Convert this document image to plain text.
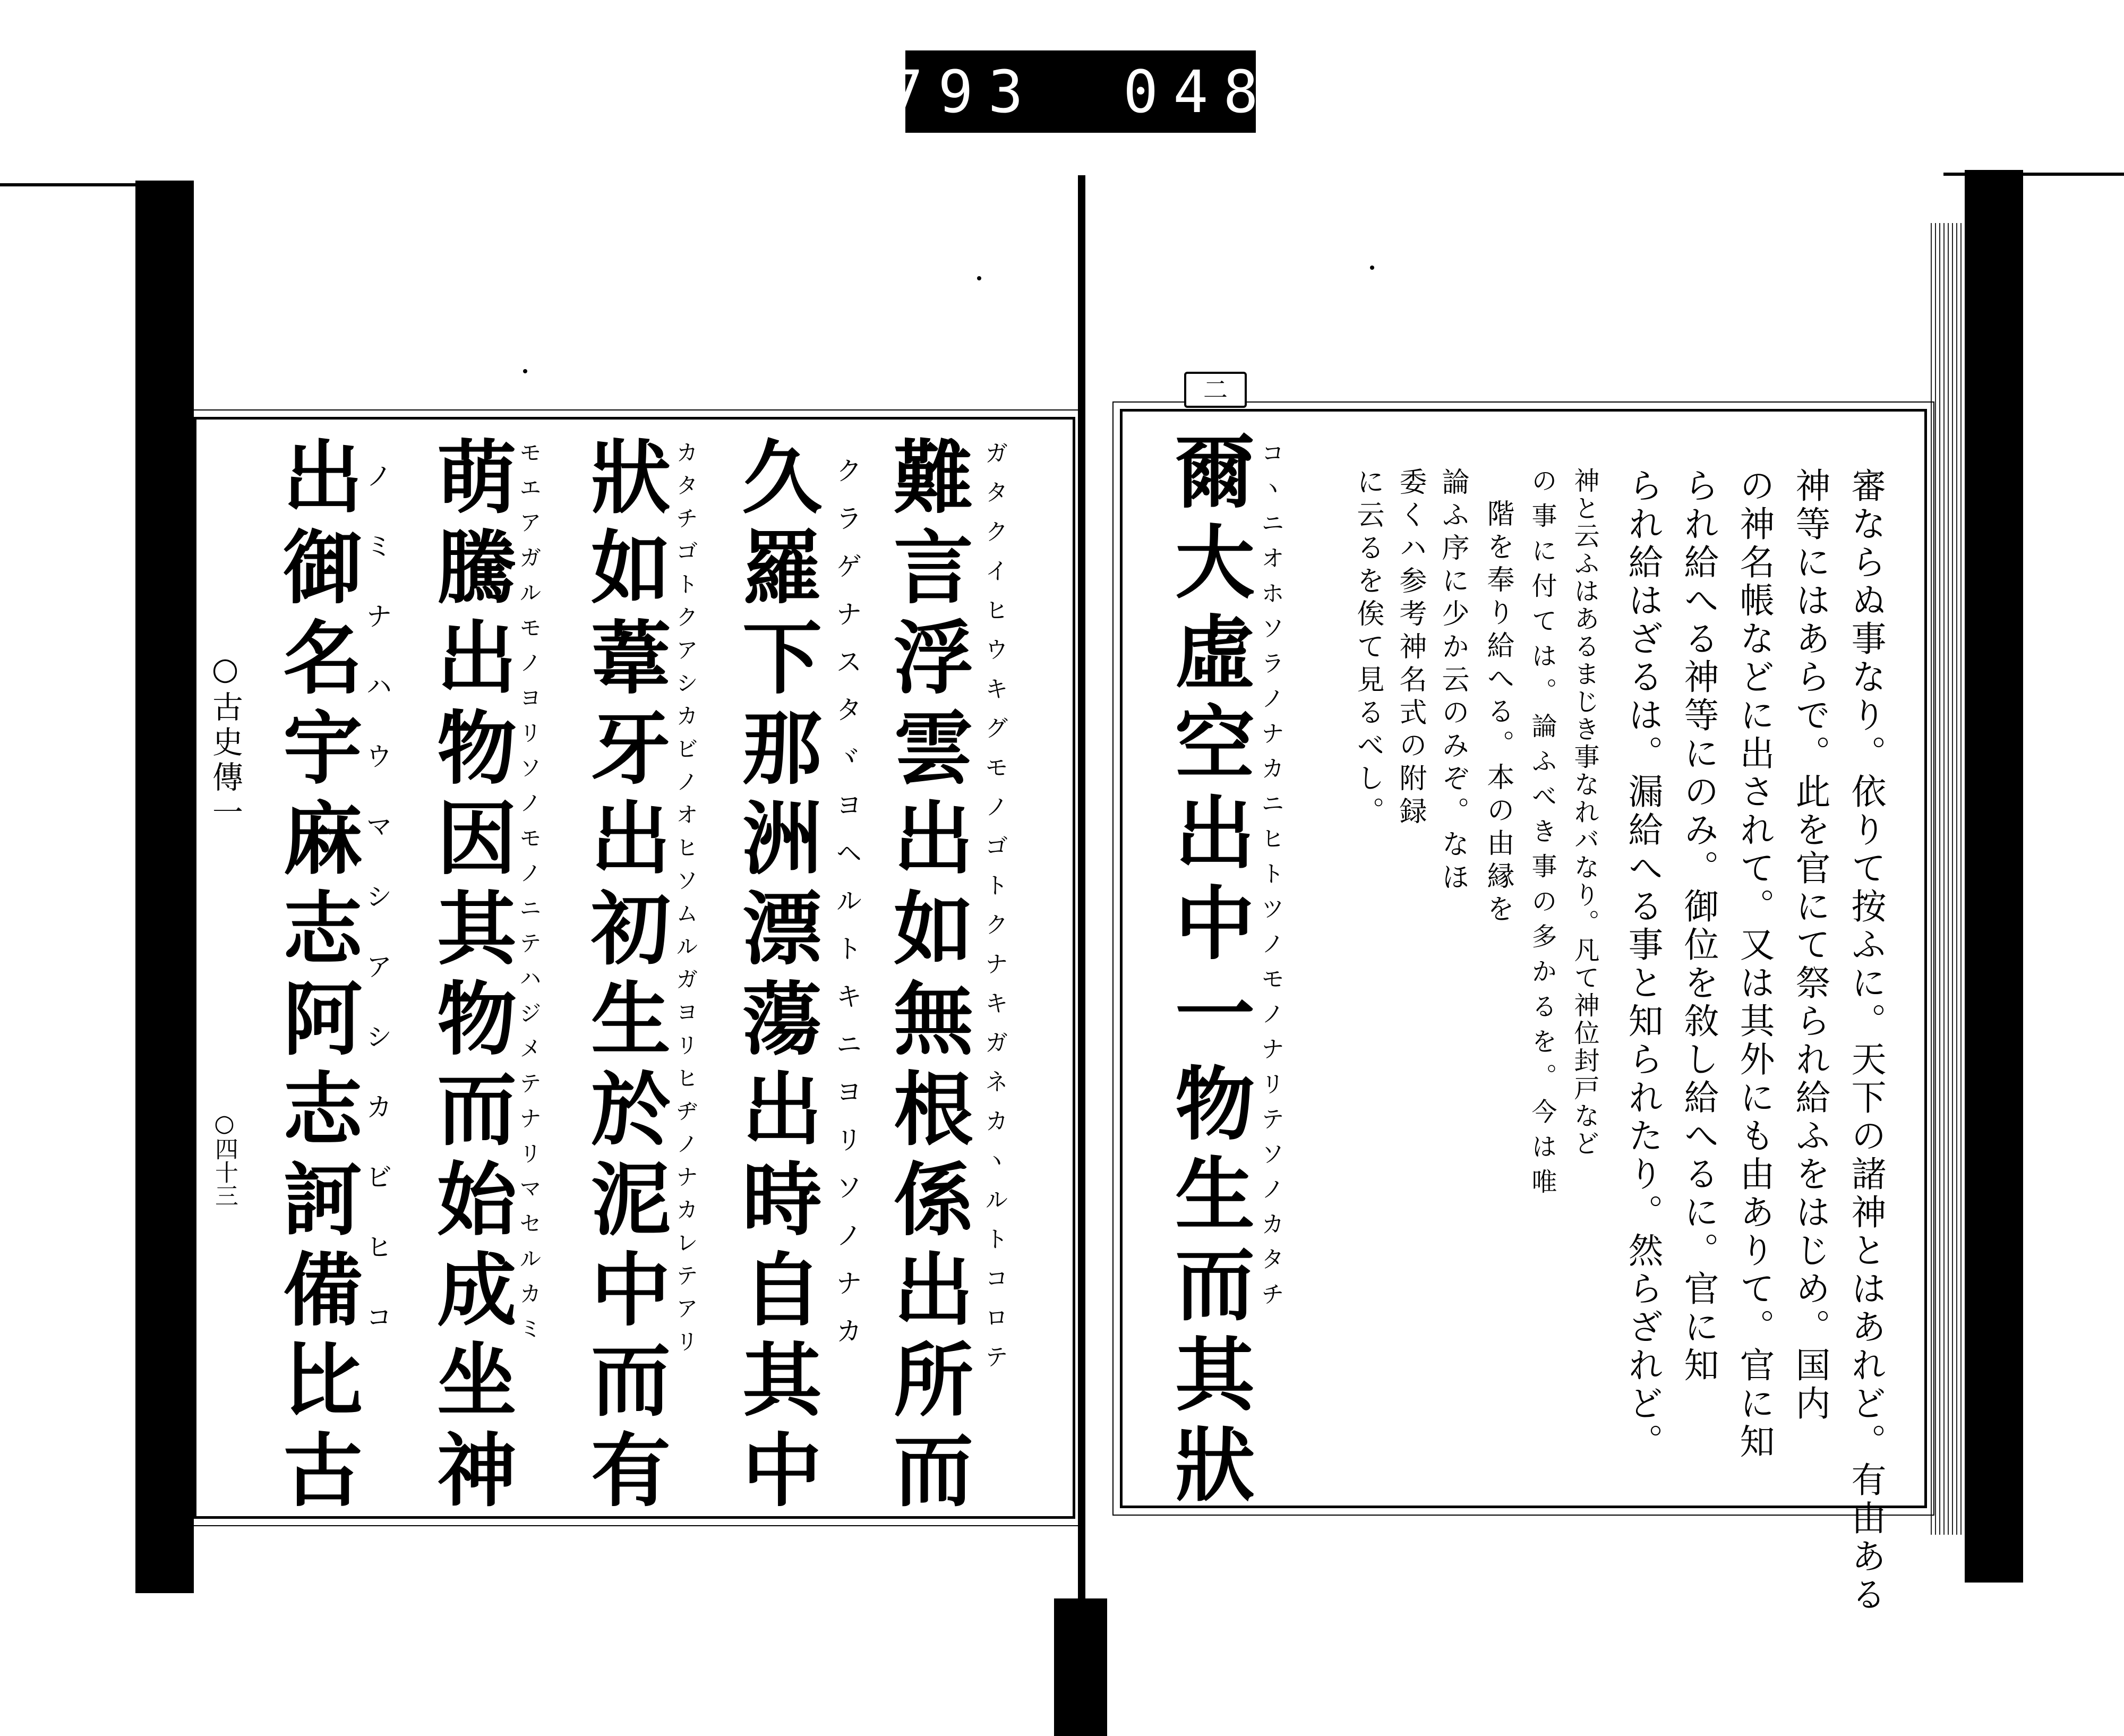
793 048
○古史傳一
○四十三	難言浮雲出如無根係出所而 ガタクイヒウキグモノゴトクナキガネカヽルトコロテ
久羅下那洲漂蕩出時自其中 クラゲナスタヾヨヘルトキニヨリソノナカ
狀如葦牙出初生於泥中而有 カタチゴトクアシカビノオヒソムルガヨリヒヂノナカレテアリ
萌騰出物因其物而始成坐神 モエアガルモノヨリソノモノニテハジメテナリマセルカミ
出御名宇麻志阿志訶備比古
ノミナハウマシアシカビヒコ
二
審ならぬ事なり。依りて按ふに。天下の諸神とはあれど。有由ある
神等にはあらで。此を官にて祭られ給ふをはじめ。国内
の神名帳などに出されて。又は其外にも由ありて。官に知
られ給へる神等にのみ。御位を敘し給へるに。官に知
られ給はざるは。漏給へる事と知られたり。然らざれど。
神と云ふはあるまじき事なれバなり。凡て神位封戸など
の事に付ては。論ふべき事の多かるを。今は唯
階を奉り給へる。本の由縁を
論ふ序に少か云のみぞ。なほ
委くハ参考神名式の附録
に云るを俟て見るべし。
コヽニオホソラノナカニヒトツノモノナリテソノカタチ
爾大虛空出中一物生而其狀
